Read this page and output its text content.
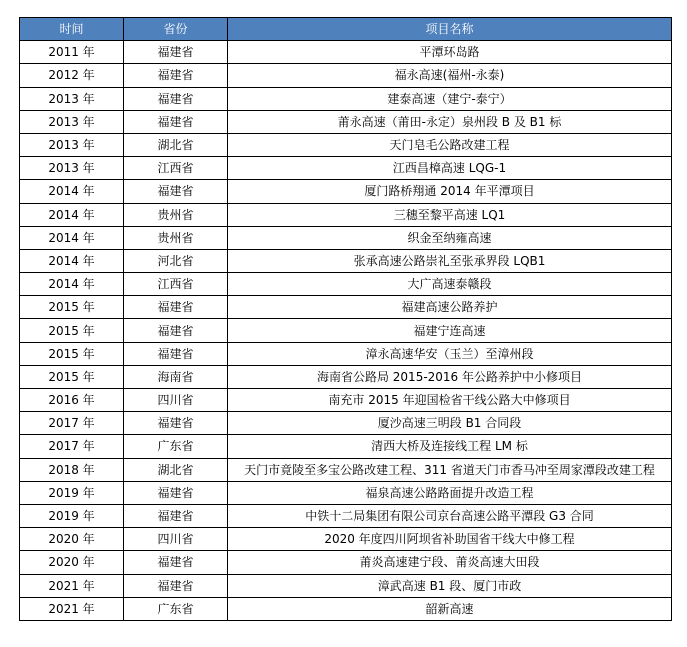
时间	省份	项目名称
2011 年	福建省	平潭环岛路
2012 年	福建省	福永高速(福州-永泰)
2013 年	福建省	建泰高速（建宁-泰宁）
2013 年	福建省	莆永高速（莆田-永定）泉州段 B 及 B1 标
2013 年	湖北省	天门皂毛公路改建工程
2013 年	江西省	江西昌樟高速 LQG-1
2014 年	福建省	厦门路桥翔通 2014 年平潭项目
2014 年	贵州省	三穗至黎平高速 LQ1
2014 年	贵州省	织金至纳雍高速
2014 年	河北省	张承高速公路崇礼至张承界段 LQB1
2014 年	江西省	大广高速泰赣段
2015 年	福建省	福建高速公路养护
2015 年	福建省	福建宁连高速
2015 年	福建省	漳永高速华安（玉兰）至漳州段
2015 年	海南省	海南省公路局 2015-2016 年公路养护中小修项目
2016 年	四川省	南充市 2015 年迎国检省干线公路大中修项目
2017 年	福建省	厦沙高速三明段 B1 合同段
2017 年	广东省	清西大桥及连接线工程 LM 标
2018 年	湖北省	天门市竟陵至多宝公路改建工程、311 省道天门市香马冲至周家潭段改建工程
2019 年	福建省	福泉高速公路路面提升改造工程
2019 年	福建省	中铁十二局集团有限公司京台高速公路平潭段 G3 合同
2020 年	四川省	2020 年度四川阿坝省补助国省干线大中修工程
2020 年	福建省	莆炎高速建宁段、莆炎高速大田段
2021 年	福建省	漳武高速 B1 段、厦门市政
2021 年	广东省	韶新高速
